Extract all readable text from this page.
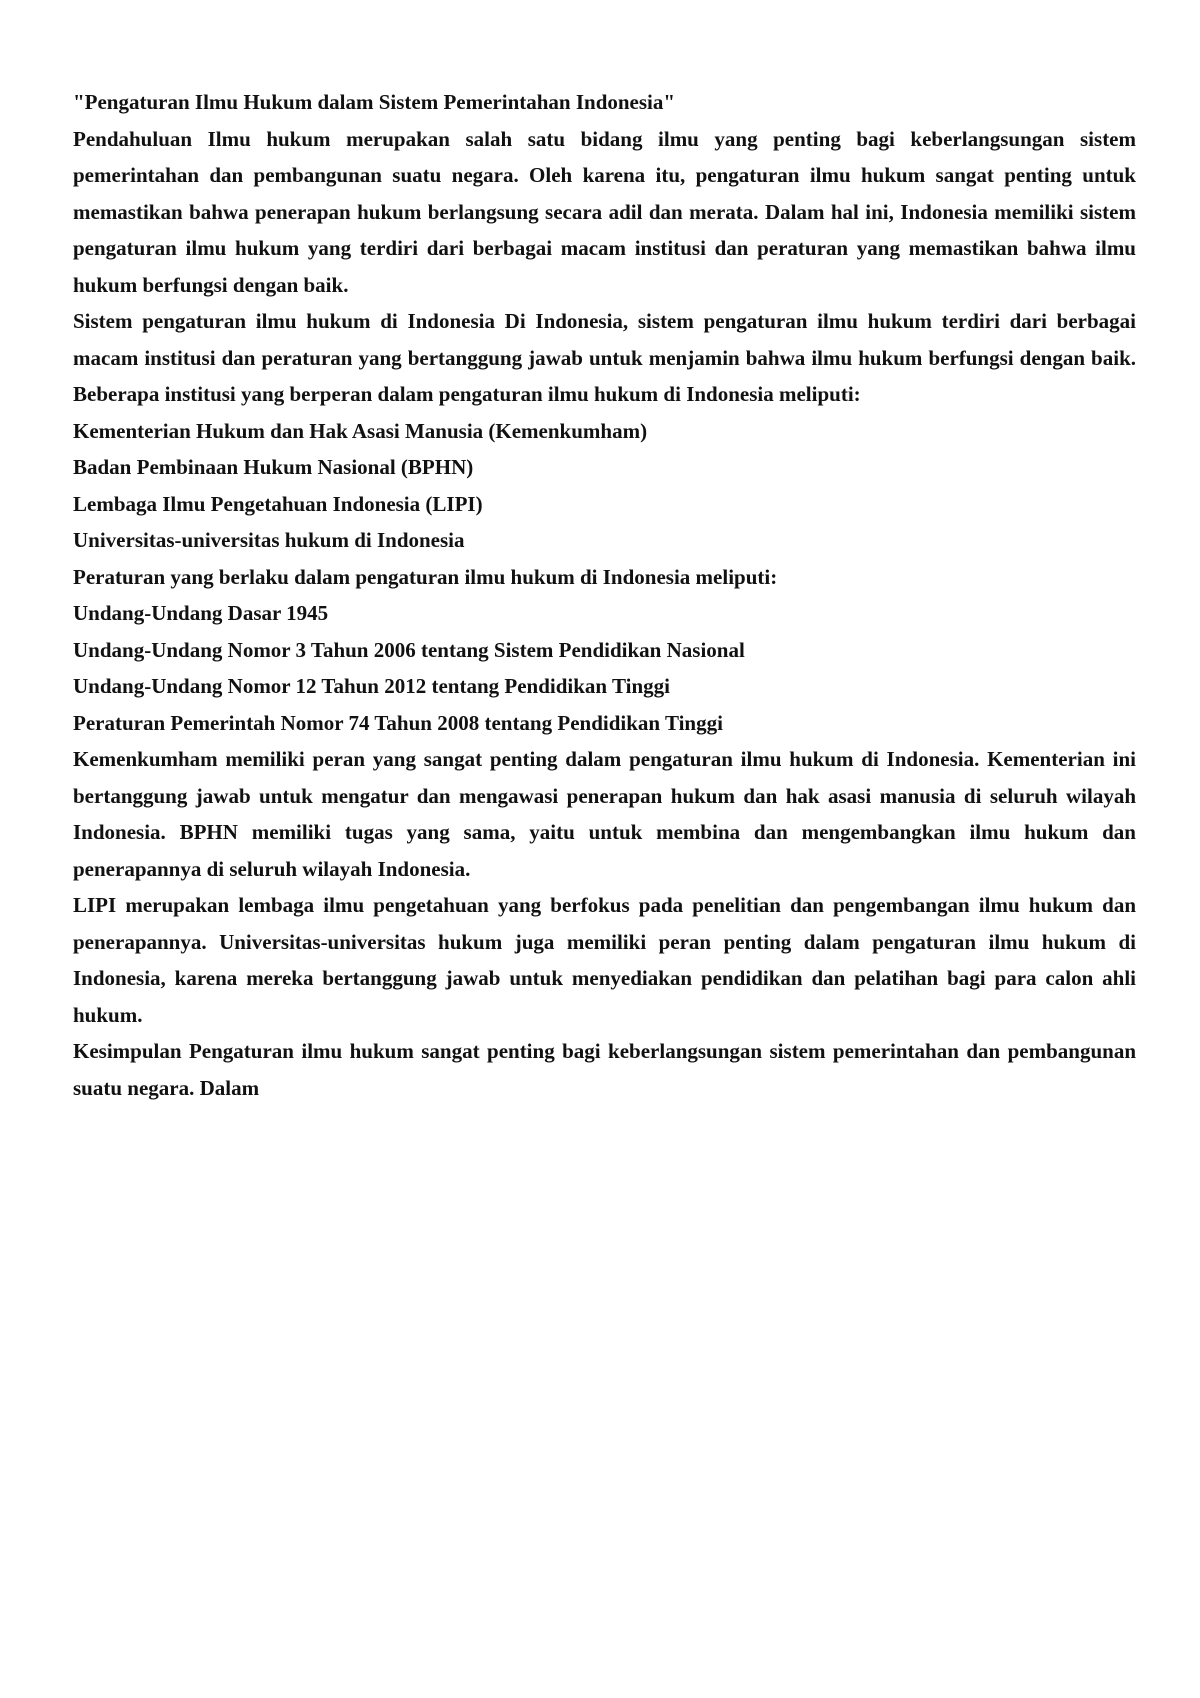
"Pengaturan Ilmu Hukum dalam Sistem Pemerintahan Indonesia"

Pendahuluan Ilmu hukum merupakan salah satu bidang ilmu yang penting bagi keberlangsungan sistem pemerintahan dan pembangunan suatu negara. Oleh karena itu, pengaturan ilmu hukum sangat penting untuk memastikan bahwa penerapan hukum berlangsung secara adil dan merata. Dalam hal ini, Indonesia memiliki sistem pengaturan ilmu hukum yang terdiri dari berbagai macam institusi dan peraturan yang memastikan bahwa ilmu hukum berfungsi dengan baik.

Sistem pengaturan ilmu hukum di Indonesia Di Indonesia, sistem pengaturan ilmu hukum terdiri dari berbagai macam institusi dan peraturan yang bertanggung jawab untuk menjamin bahwa ilmu hukum berfungsi dengan baik. Beberapa institusi yang berperan dalam pengaturan ilmu hukum di Indonesia meliputi:

Kementerian Hukum dan Hak Asasi Manusia (Kemenkumham)

Badan Pembinaan Hukum Nasional (BPHN)

Lembaga Ilmu Pengetahuan Indonesia (LIPI)

Universitas-universitas hukum di Indonesia

Peraturan yang berlaku dalam pengaturan ilmu hukum di Indonesia meliputi:

Undang-Undang Dasar 1945

Undang-Undang Nomor 3 Tahun 2006 tentang Sistem Pendidikan Nasional

Undang-Undang Nomor 12 Tahun 2012 tentang Pendidikan Tinggi

Peraturan Pemerintah Nomor 74 Tahun 2008 tentang Pendidikan Tinggi

Kemenkumham memiliki peran yang sangat penting dalam pengaturan ilmu hukum di Indonesia. Kementerian ini bertanggung jawab untuk mengatur dan mengawasi penerapan hukum dan hak asasi manusia di seluruh wilayah Indonesia. BPHN memiliki tugas yang sama, yaitu untuk membina dan mengembangkan ilmu hukum dan penerapannya di seluruh wilayah Indonesia.

LIPI merupakan lembaga ilmu pengetahuan yang berfokus pada penelitian dan pengembangan ilmu hukum dan penerapannya. Universitas-universitas hukum juga memiliki peran penting dalam pengaturan ilmu hukum di Indonesia, karena mereka bertanggung jawab untuk menyediakan pendidikan dan pelatihan bagi para calon ahli hukum.

Kesimpulan Pengaturan ilmu hukum sangat penting bagi keberlangsungan sistem pemerintahan dan pembangunan suatu negara. Dalam
